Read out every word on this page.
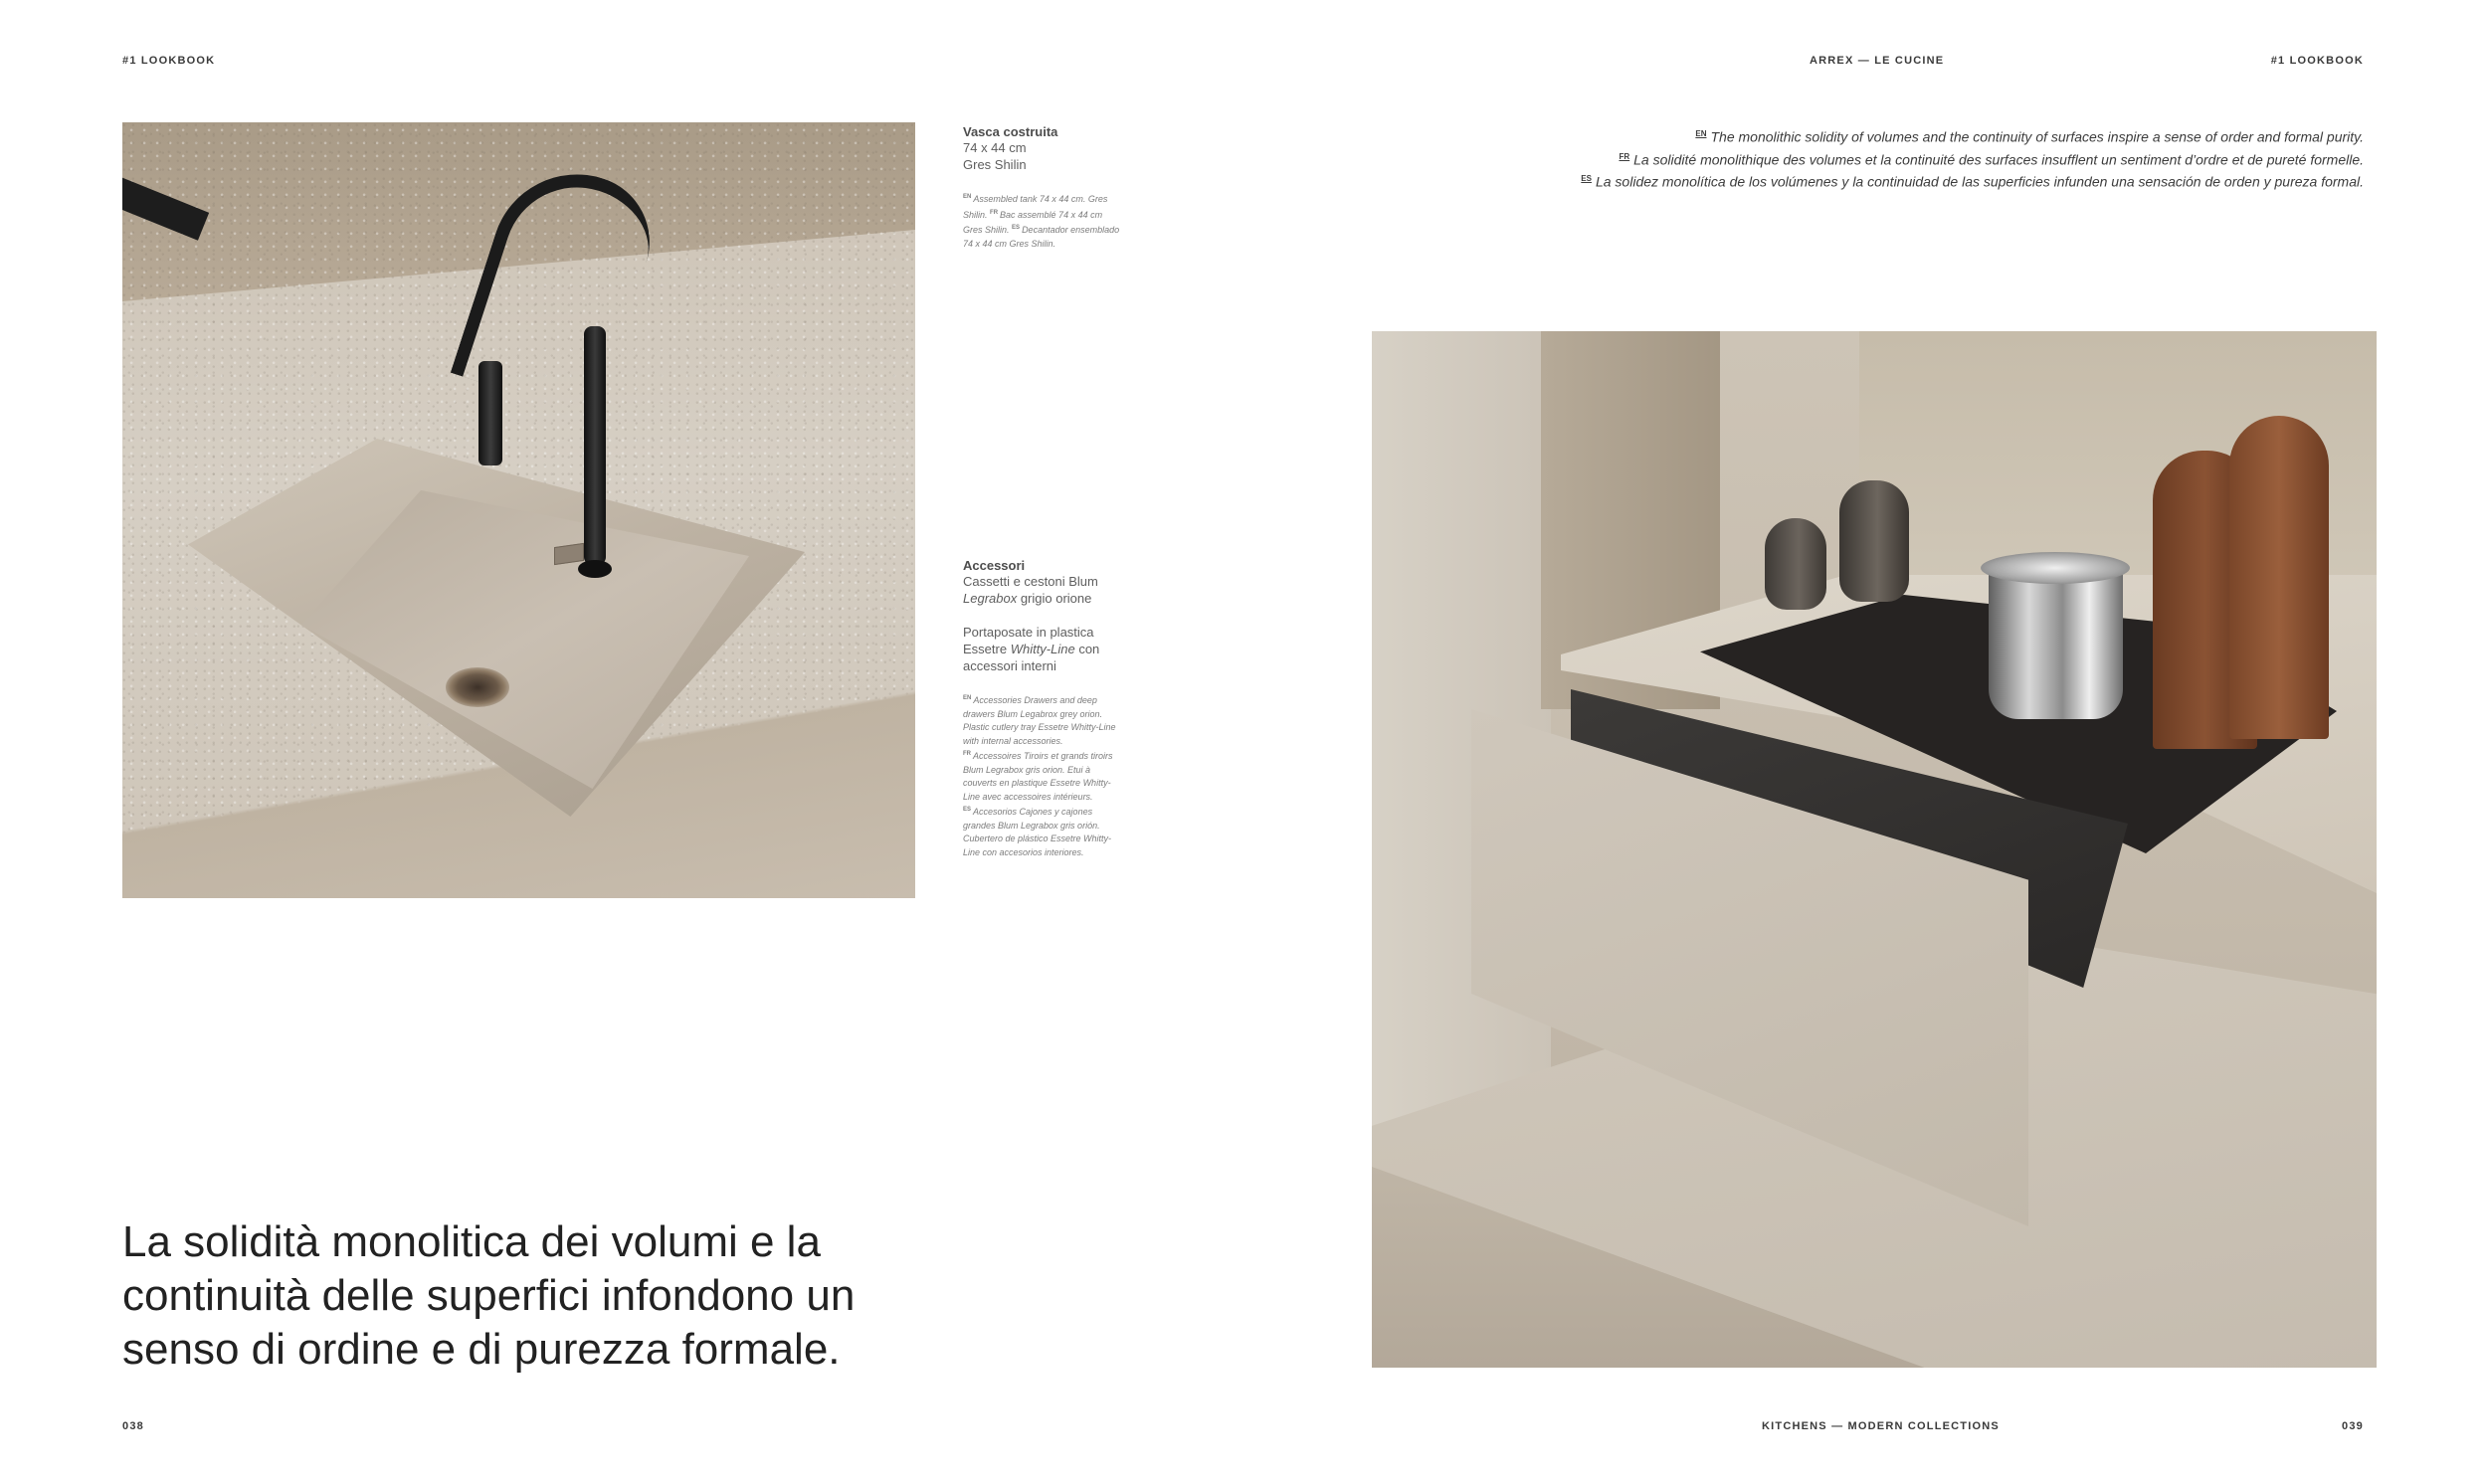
#1 LOOKBOOK	ARREX — LE CUCINE	#1 LOOKBOOK
Vasca costruita
74 x 44 cm
Gres Shilin
$^{EN}$ Assembled tank 74 x 44 cm. Gres Shilin. $^{FR}$ Bac assemblé 74 x 44 cm Gres Shilin. $^{ES}$ Decantador ensemblado 74 x 44 cm Gres Shilin.
Accessori
Cassetti e cestoni Blum
Legrabox grigio orione
Portaposate in plastica
Essetre Whitty-Line con
accessori interni
$^{EN}$ Accessories Drawers and deep drawers Blum Legabrox grey orion. Plastic cutlery tray Essetre Whitty-Line with internal accessories. $^{FR}$ Accessoires Tiroirs et grands tiroirs Blum Legrabox gris orion. Etui à couverts en plastique Essetre Whitty-Line avec accessoires intérieurs. $^{ES}$ Accesorios Cajones y cajones grandes Blum Legrabox gris orión. Cubertero de plástico Essetre Whitty-Line con accesorios interiores.
$^{EN}$ The monolithic solidity of volumes and the continuity of surfaces inspire a sense of order and formal purity.
$^{FR}$ La solidité monolithique des volumes et la continuité des surfaces insufflent un sentiment d’ordre et de pureté formelle.
$^{ES}$ La solidez monolítica de los volúmenes y la continuidad de las superficies infunden una sensación de orden y pureza formal.
La solidità monolitica dei volumi e la
continuità delle superfici infondono un
senso di ordine e di purezza formale.
038	KITCHENS — MODERN COLLECTIONS	039
